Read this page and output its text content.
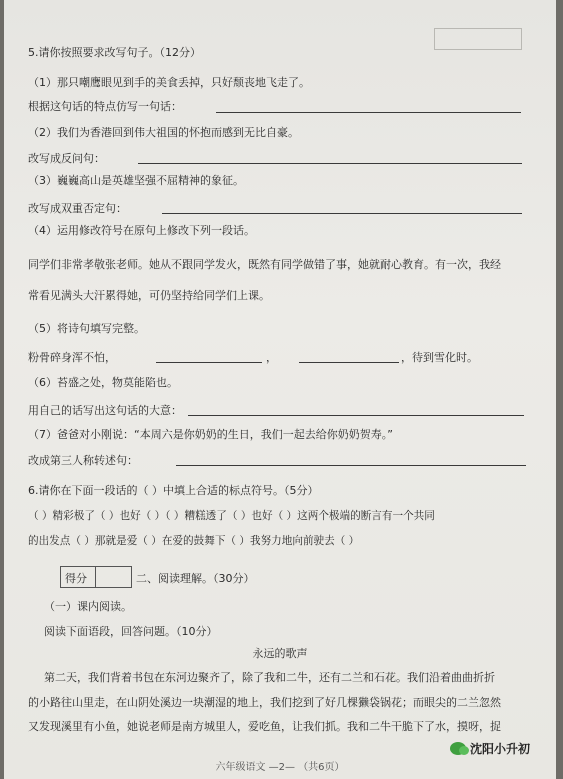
5.请你按照要求改写句子。（12分）
（1）那只嘲鹰眼见到手的美食丢掉，只好颓丧地飞走了。
根据这句话的特点仿写一句话：
（2）我们为香港回到伟大祖国的怀抱而感到无比自豪。
改写成反问句：
（3）巍巍高山是英雄坚强不屈精神的象征。
改写成双重否定句：
（4）运用修改符号在原句上修改下列一段话。
同学们非常孝敬张老师。她从不跟同学发火，既然有同学做错了事，她就耐心教育。有一次，我经
常看见满头大汗累得她，可仍坚持给同学们上课。
（5）将诗句填写完整。
粉骨碎身浑不怕，	，	，待到雪化时。
（6）苔盛之处，物莫能陷也。
用自己的话写出这句话的大意：
（7）爸爸对小刚说：“本周六是你奶奶的生日，我们一起去给你奶奶贺寿。”
改成第三人称转述句：
6.请你在下面一段话的（ ）中填上合适的标点符号。（5分）
（ ）精彩极了（ ）也好（ ）（ ）糟糕透了（ ）也好（ ）这两个极端的断言有一个共同
的出发点（ ）那就是爱（ ）在爱的鼓舞下（ ）我努力地向前驶去（ ）
得分	二、阅读理解。（30分）
（一）课内阅读。
阅读下面语段，回答问题。（10分）
永远的歌声
第二天，我们背着书包在东河边聚齐了，除了我和二牛，还有二兰和石花。我们沿着曲曲折折
的小路往山里走，在山阴处溪边一块潮湿的地上，我们挖到了好几棵獭袋锅花；而眼尖的二兰忽然
又发现溪里有小鱼，她说老师是南方城里人，爱吃鱼，让我们抓。我和二牛干脆下了水，摸呀，捉
六年级语文 —2— （共6页）
沈阳小升初
